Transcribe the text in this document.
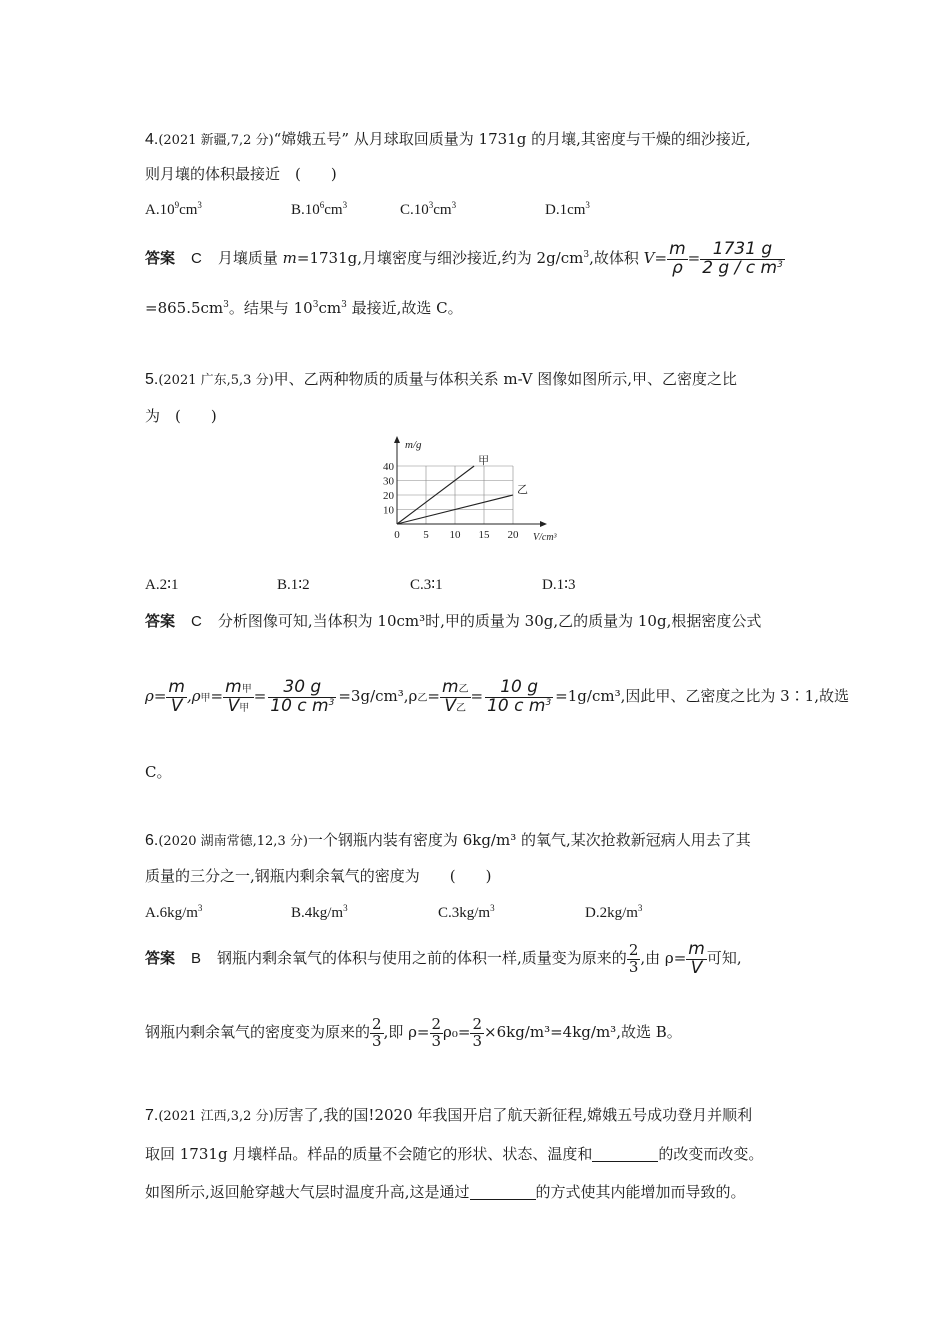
4.(2021 新疆,7,2 分)“嫦娥五号” 从月球取回质量为 1731g 的月壤,其密度与干燥的细沙接近,
则月壤的体积最接近　(　　)
$A.10^9cm^3$	$B.10^6cm^3$	$C.10^3cm^3$	$D.1cm^3$
答案 C 月壤质量 m=1731g,月壤密度与细沙接近,约为 $2g/cm^3$,故体积 $V= \frac{m}{\rho} = \frac{1731 g}{2 g / c m^3}$
$=865.5cm^3$。结果与 $10^3cm^3$ 最接近,故选 C。
5.(2021 广东,5,3 分)甲、乙两种物质的质量与体积关系 m-V 图像如图所示,甲、乙密度之比
为　(　　)
0 5 10 15 20
10
20
30
40
m/g
V/cm³
甲
乙
A.2∶1	B.1∶2	C.3∶1	D.1∶3
答案 C 分析图像可知,当体积为 10cm³时,甲的质量为 30g,乙的质量为 10g,根据密度公式
$\rho= \frac{m}{V} ,\rho$甲= $\frac{\text{m甲}}{\text{V甲}} = \frac{30 g}{10 c m^3} =3g/cm^3,\rho$乙= $\frac{\text{m乙}}{\text{V乙}} = \frac{10 g}{10 c m^3} =1g/cm^3$,因此甲、乙密度之比为 3∶1,故选
C。
6.(2020 湖南常德,12,3 分)一个钢瓶内装有密度为 6kg/m³ 的氧气,某次抢救新冠病人用去了其
质量的三分之一,钢瓶内剩余氧气的密度为　　(　　)
$A.6kg/m^3$	$B.4kg/m^3$	$C.3kg/m^3$	$D.2kg/m^3$
答案 B 钢瓶内剩余氧气的体积与使用之前的体积一样,质量变为原来的 $\frac{2}{3}$ ,由 $\rho= \frac{m}{V}$ 可知,
钢瓶内剩余氧气的密度变为原来的 $\frac{2}{3}$ ,即 $\rho= \frac{2}{3} \rho_0= \frac{2}{3} \times 6kg/m^3=4kg/m^3$,故选 B。
7.(2021 江西,3,2 分)厉害了,我的国!2020 年我国开启了航天新征程,嫦娥五号成功登月并顺利
取回 1731g 月壤样品。样品的质量不会随它的形状、状态、温度和	的改变而改变。
如图所示,返回舱穿越大气层时温度升高,这是通过	的方式使其内能增加而导致的。
